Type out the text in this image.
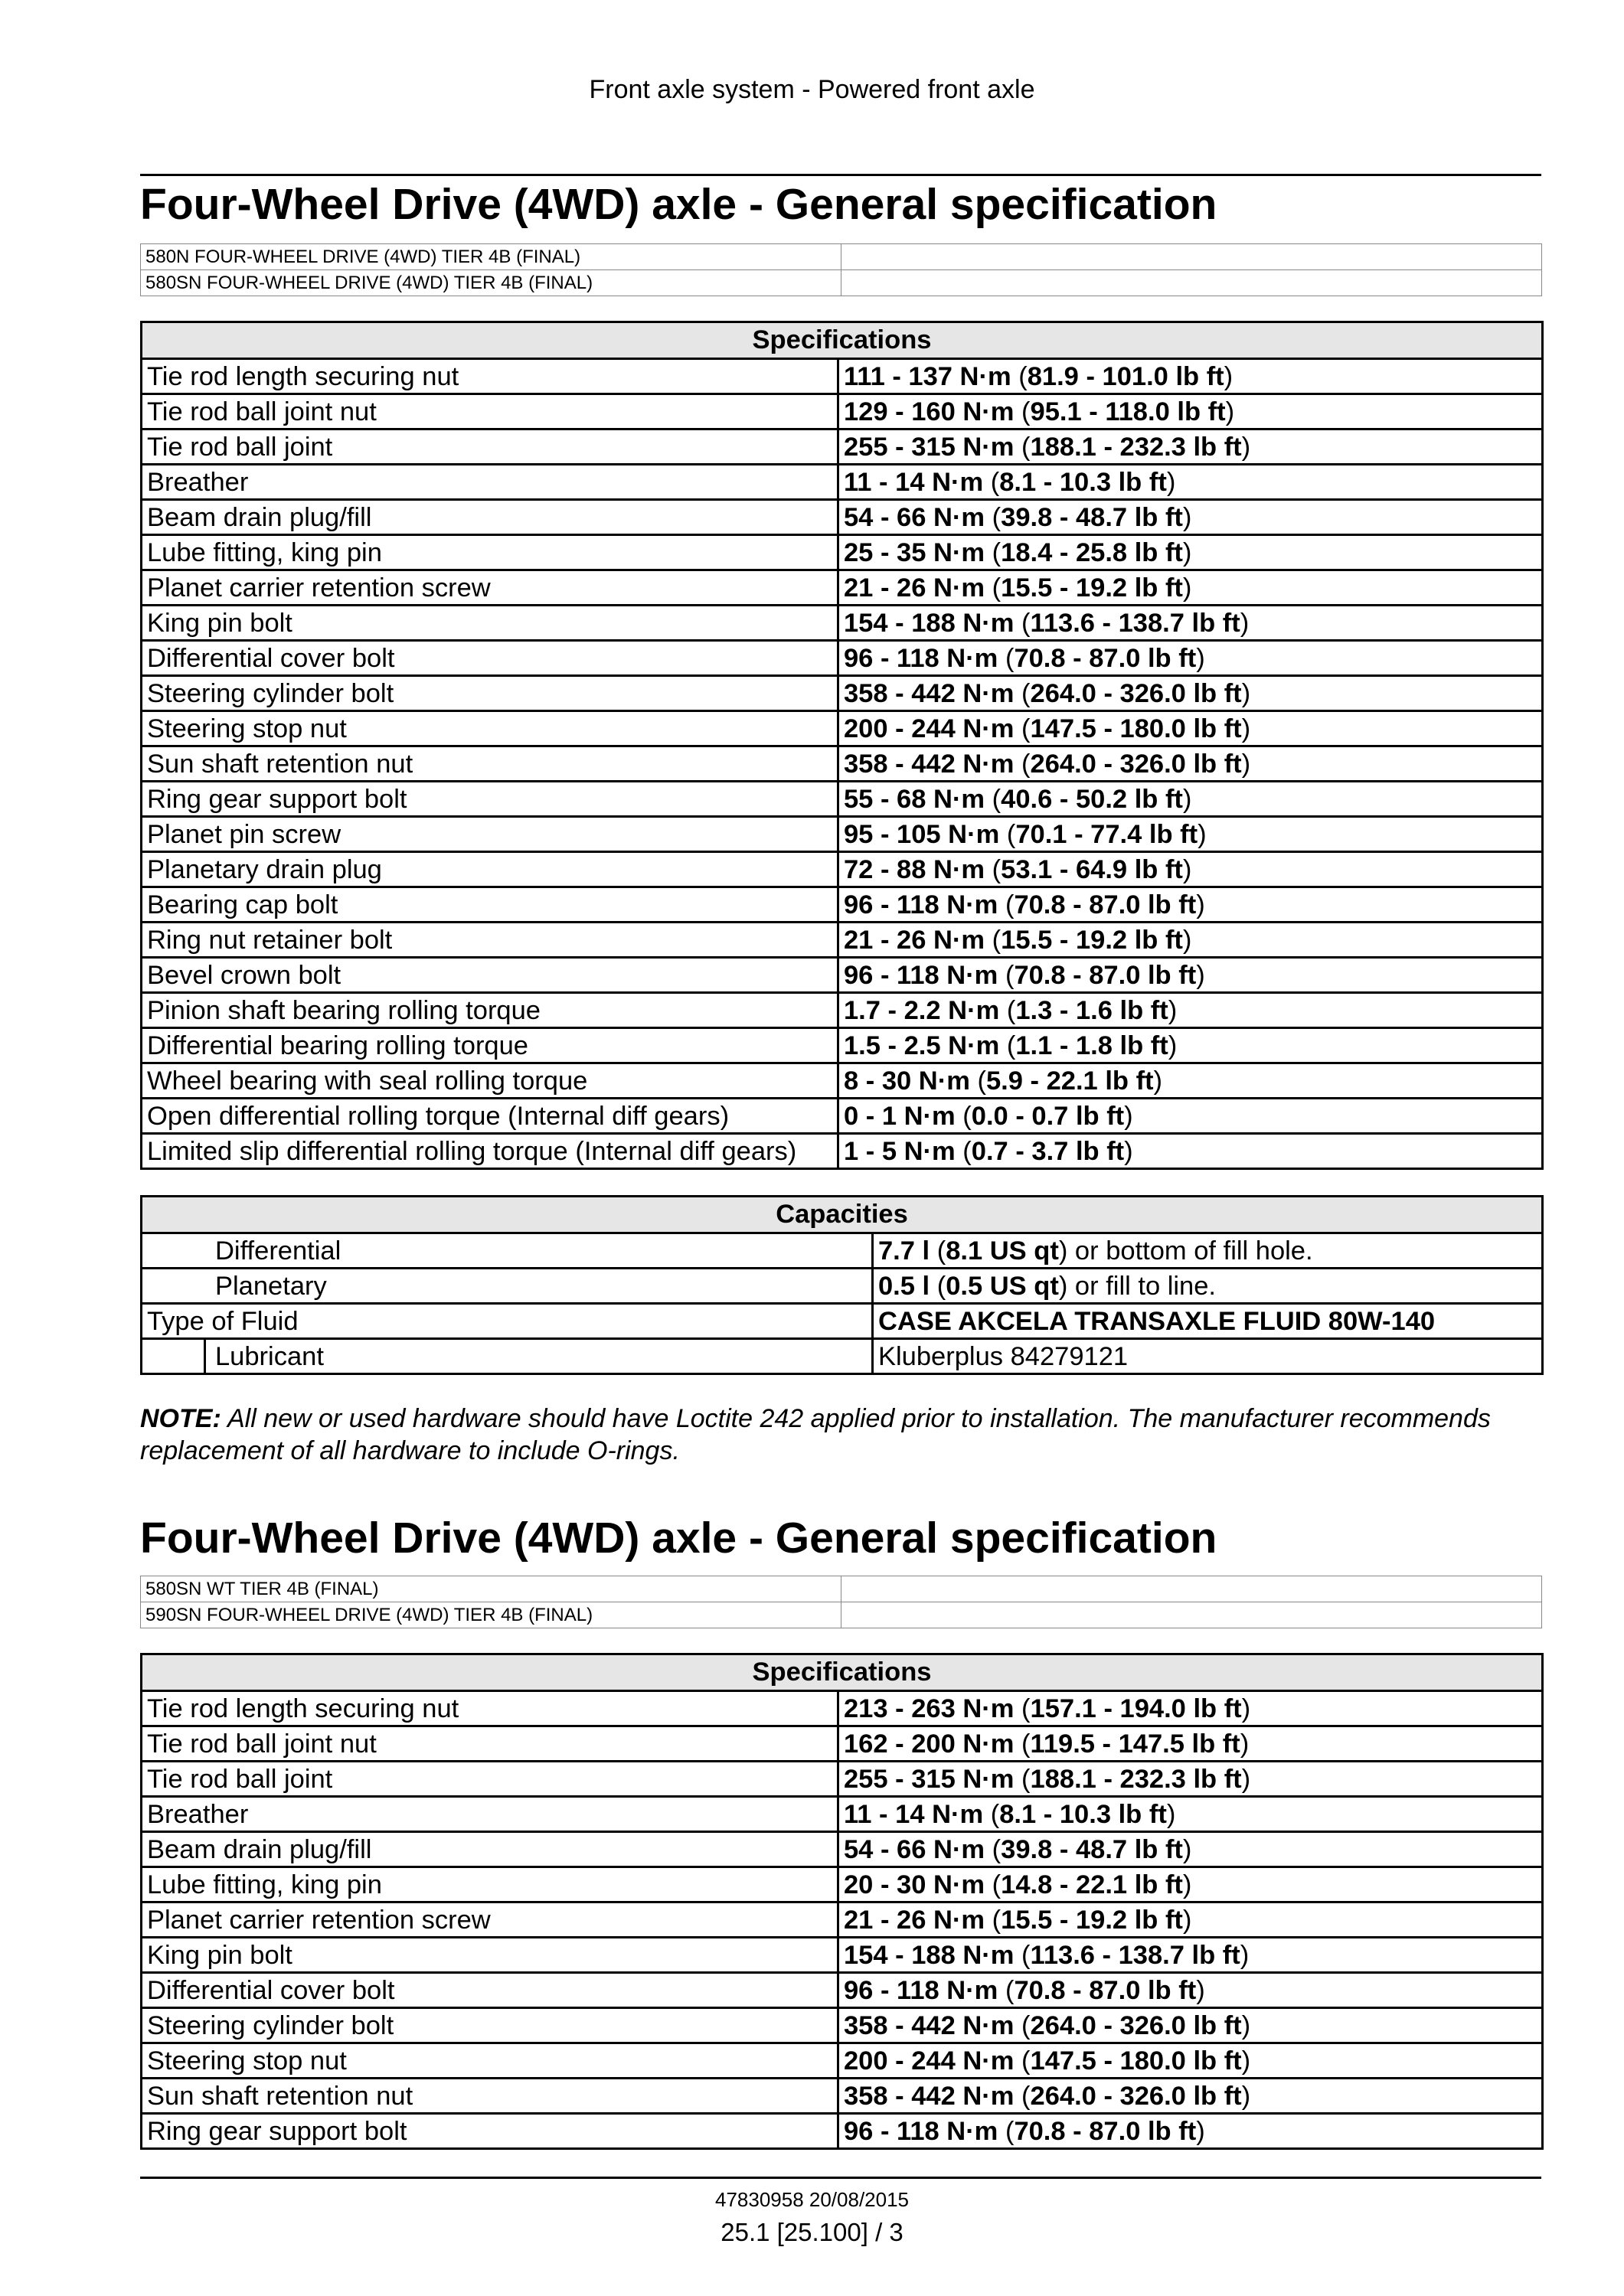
Front axle system - Powered front axle
Four-Wheel Drive (4WD) axle - General specification
580N FOUR-WHEEL DRIVE (4WD) TIER 4B (FINAL)	
580SN FOUR-WHEEL DRIVE (4WD) TIER 4B (FINAL)	
Specifications	
Tie rod length securing nut	111 - 137 N·m (81.9 - 101.0 lb ft)
Tie rod ball joint nut	129 - 160 N·m (95.1 - 118.0 lb ft)
Tie rod ball joint	255 - 315 N·m (188.1 - 232.3 lb ft)
Breather	11 - 14 N·m (8.1 - 10.3 lb ft)
Beam drain plug/fill	54 - 66 N·m (39.8 - 48.7 lb ft)
Lube fitting, king pin	25 - 35 N·m (18.4 - 25.8 lb ft)
Planet carrier retention screw	21 - 26 N·m (15.5 - 19.2 lb ft)
King pin bolt	154 - 188 N·m (113.6 - 138.7 lb ft)
Differential cover bolt	96 - 118 N·m (70.8 - 87.0 lb ft)
Steering cylinder bolt	358 - 442 N·m (264.0 - 326.0 lb ft)
Steering stop nut	200 - 244 N·m (147.5 - 180.0 lb ft)
Sun shaft retention nut	358 - 442 N·m (264.0 - 326.0 lb ft)
Ring gear support bolt	55 - 68 N·m (40.6 - 50.2 lb ft)
Planet pin screw	95 - 105 N·m (70.1 - 77.4 lb ft)
Planetary drain plug	72 - 88 N·m (53.1 - 64.9 lb ft)
Bearing cap bolt	96 - 118 N·m (70.8 - 87.0 lb ft)
Ring nut retainer bolt	21 - 26 N·m (15.5 - 19.2 lb ft)
Bevel crown bolt	96 - 118 N·m (70.8 - 87.0 lb ft)
Pinion shaft bearing rolling torque	1.7 - 2.2 N·m (1.3 - 1.6 lb ft)
Differential bearing rolling torque	1.5 - 2.5 N·m (1.1 - 1.8 lb ft)
Wheel bearing with seal rolling torque	8 - 30 N·m (5.9 - 22.1 lb ft)
Open differential rolling torque (Internal diff gears)	0 - 1 N·m (0.0 - 0.7 lb ft)
Limited slip differential rolling torque (Internal diff gears)	1 - 5 N·m (0.7 - 3.7 lb ft)
Capacities	
Differential	7.7 l (8.1 US qt) or bottom of fill hole.
Planetary	0.5 l (0.5 US qt) or fill to line.
Type of Fluid	CASE AKCELA TRANSAXLE FLUID 80W-140

Lubricant	Kluberplus 84279121
NOTE: All new or used hardware should have Loctite 242 applied prior to installation. The manufacturer recommends replacement of all hardware to include O-rings.
Four-Wheel Drive (4WD) axle - General specification
580SN WT TIER 4B (FINAL)	
590SN FOUR-WHEEL DRIVE (4WD) TIER 4B (FINAL)	
Specifications	
Tie rod length securing nut	213 - 263 N·m (157.1 - 194.0 lb ft)
Tie rod ball joint nut	162 - 200 N·m (119.5 - 147.5 lb ft)
Tie rod ball joint	255 - 315 N·m (188.1 - 232.3 lb ft)
Breather	11 - 14 N·m (8.1 - 10.3 lb ft)
Beam drain plug/fill	54 - 66 N·m (39.8 - 48.7 lb ft)
Lube fitting, king pin	20 - 30 N·m (14.8 - 22.1 lb ft)
Planet carrier retention screw	21 - 26 N·m (15.5 - 19.2 lb ft)
King pin bolt	154 - 188 N·m (113.6 - 138.7 lb ft)
Differential cover bolt	96 - 118 N·m (70.8 - 87.0 lb ft)
Steering cylinder bolt	358 - 442 N·m (264.0 - 326.0 lb ft)
Steering stop nut	200 - 244 N·m (147.5 - 180.0 lb ft)
Sun shaft retention nut	358 - 442 N·m (264.0 - 326.0 lb ft)
Ring gear support bolt	96 - 118 N·m (70.8 - 87.0 lb ft)
47830958 20/08/2015
25.1 [25.100] / 3
